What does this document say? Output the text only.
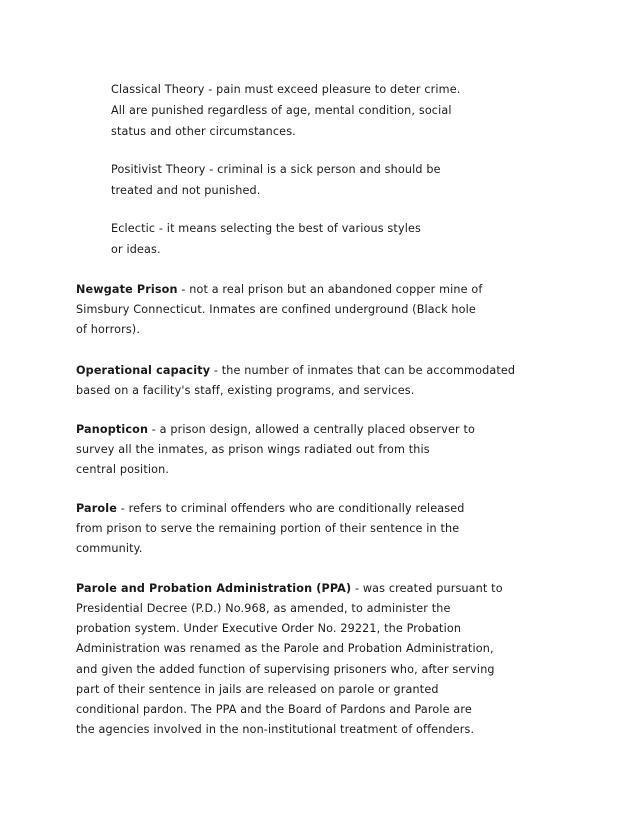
Classical Theory - pain must exceed pleasure to deter crime.
All are punished regardless of age, mental condition, social
status and other circumstances.
Positivist Theory - criminal is a sick person and should be
treated and not punished.
Eclectic - it means selecting the best of various styles
or ideas.
Newgate Prison - not a real prison but an abandoned copper mine of
Simsbury Connecticut. Inmates are confined underground (Black hole
of horrors).
Operational capacity - the number of inmates that can be accommodated
based on a facility's staff, existing programs, and services.
Panopticon - a prison design, allowed a centrally placed observer to
survey all the inmates, as prison wings radiated out from this
central position.
Parole - refers to criminal offenders who are conditionally released
from prison to serve the remaining portion of their sentence in the
community.
Parole and Probation Administration (PPA) - was created pursuant to
Presidential Decree (P.D.) No.968, as amended, to administer the
probation system. Under Executive Order No. 29221, the Probation
Administration was renamed as the Parole and Probation Administration,
and given the added function of supervising prisoners who, after serving
part of their sentence in jails are released on parole or granted
conditional pardon. The PPA and the Board of Pardons and Parole are
the agencies involved in the non-institutional treatment of offenders.
